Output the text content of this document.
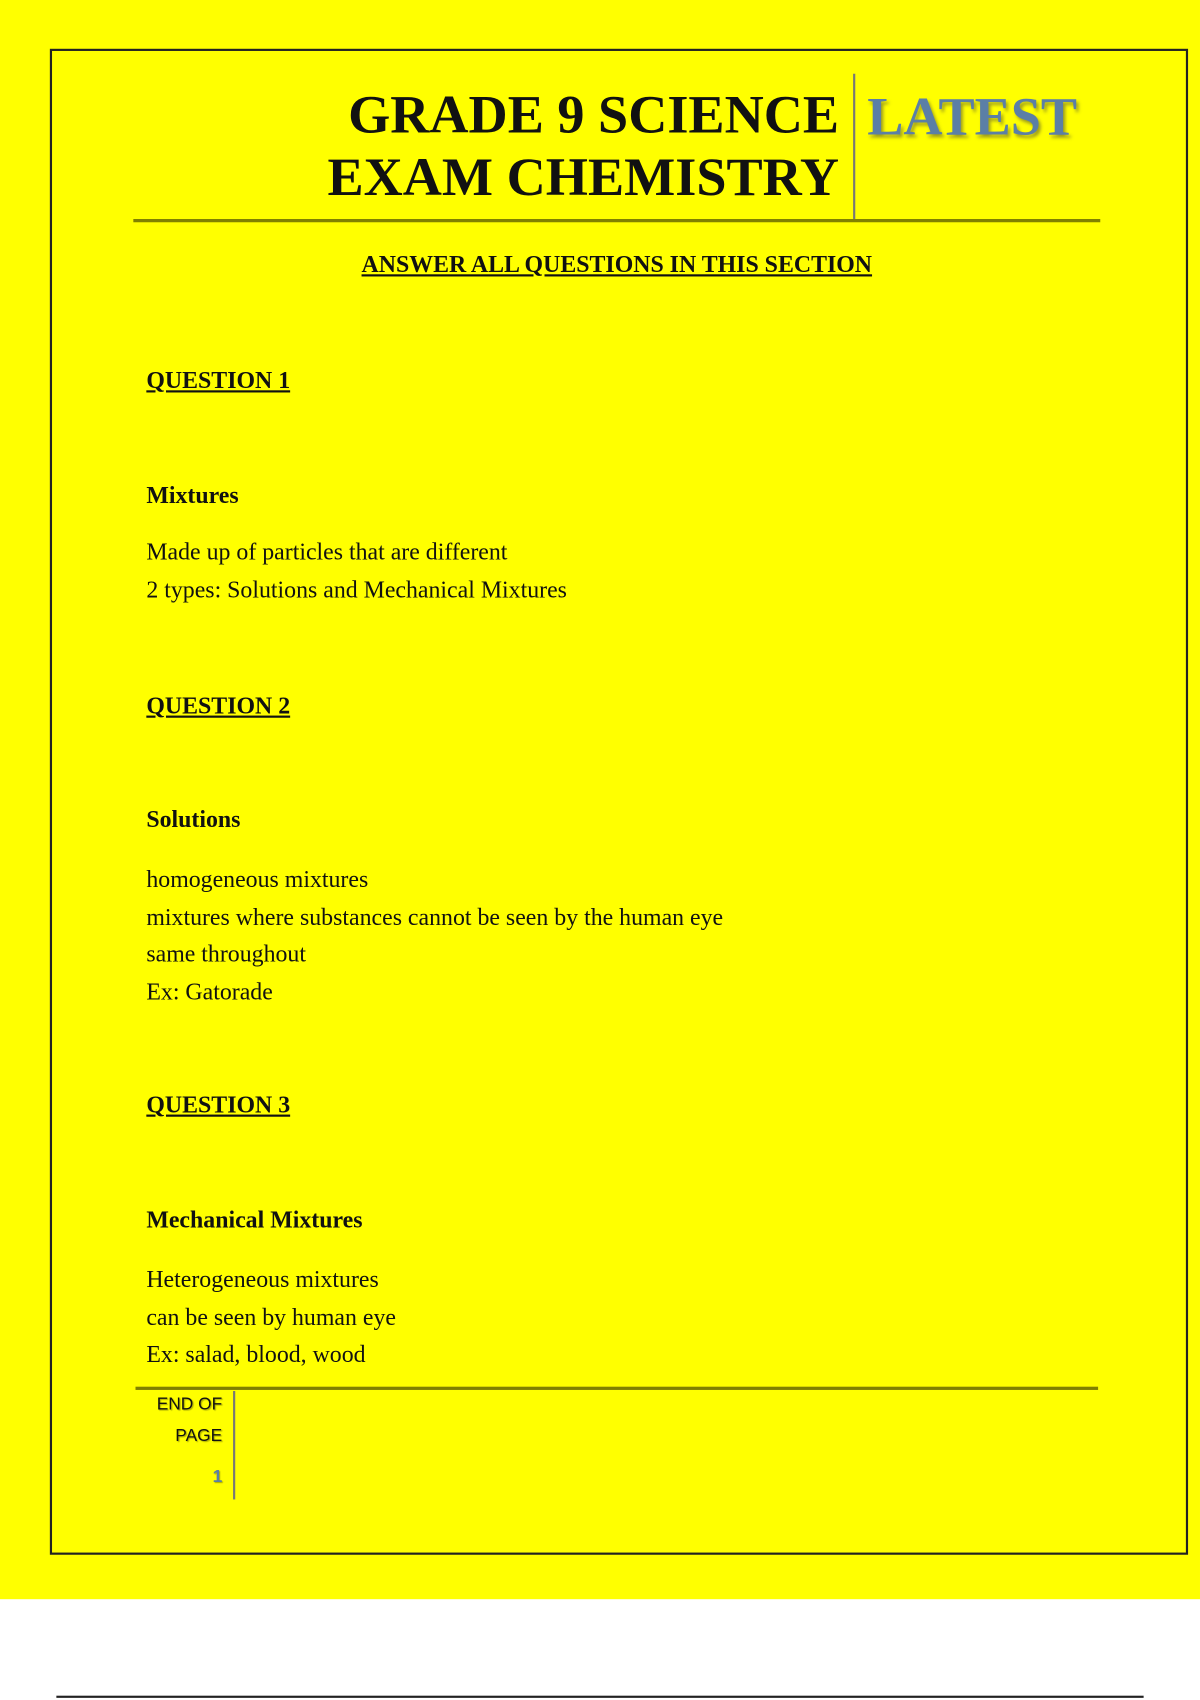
GRADE 9 SCIENCE
EXAM CHEMISTRY
LATEST
ANSWER ALL QUESTIONS IN THIS SECTION
QUESTION 1
Mixtures
Made up of particles that are different
2 types: Solutions and Mechanical Mixtures
QUESTION 2
Solutions
homogeneous mixtures
mixtures where substances cannot be seen by the human eye
same throughout
Ex: Gatorade
QUESTION 3
Mechanical Mixtures
Heterogeneous mixtures
can be seen by human eye
Ex: salad, blood, wood
END OF
PAGE
1
